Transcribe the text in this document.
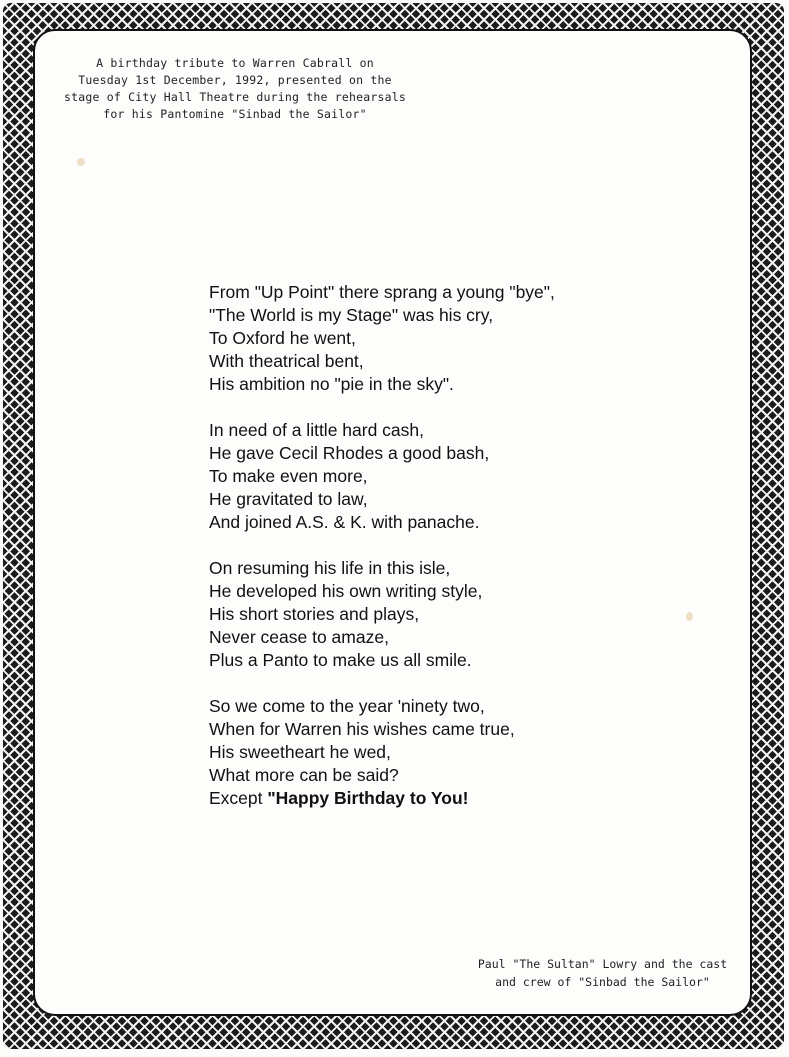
A birthday tribute to Warren Cabrall on
Tuesday 1st December, 1992, presented on the
stage of City Hall Theatre during the rehearsals
for his Pantomine "Sinbad the Sailor"
From "Up Point" there sprang a young "bye",
"The World is my Stage" was his cry,
To Oxford he went,
With theatrical bent,
His ambition no "pie in the sky".
In need of a little hard cash,
He gave Cecil Rhodes a good bash,
To make even more,
He gravitated to law,
And joined A.S. & K. with panache.
On resuming his life in this isle,
He developed his own writing style,
His short stories and plays,
Never cease to amaze,
Plus a Panto to make us all smile.
So we come to the year 'ninety two,
When for Warren his wishes came true,
His sweetheart he wed,
What more can be said?
Except "Happy Birthday to You!
Paul "The Sultan" Lowry and the cast
and crew of "Sinbad the Sailor"
